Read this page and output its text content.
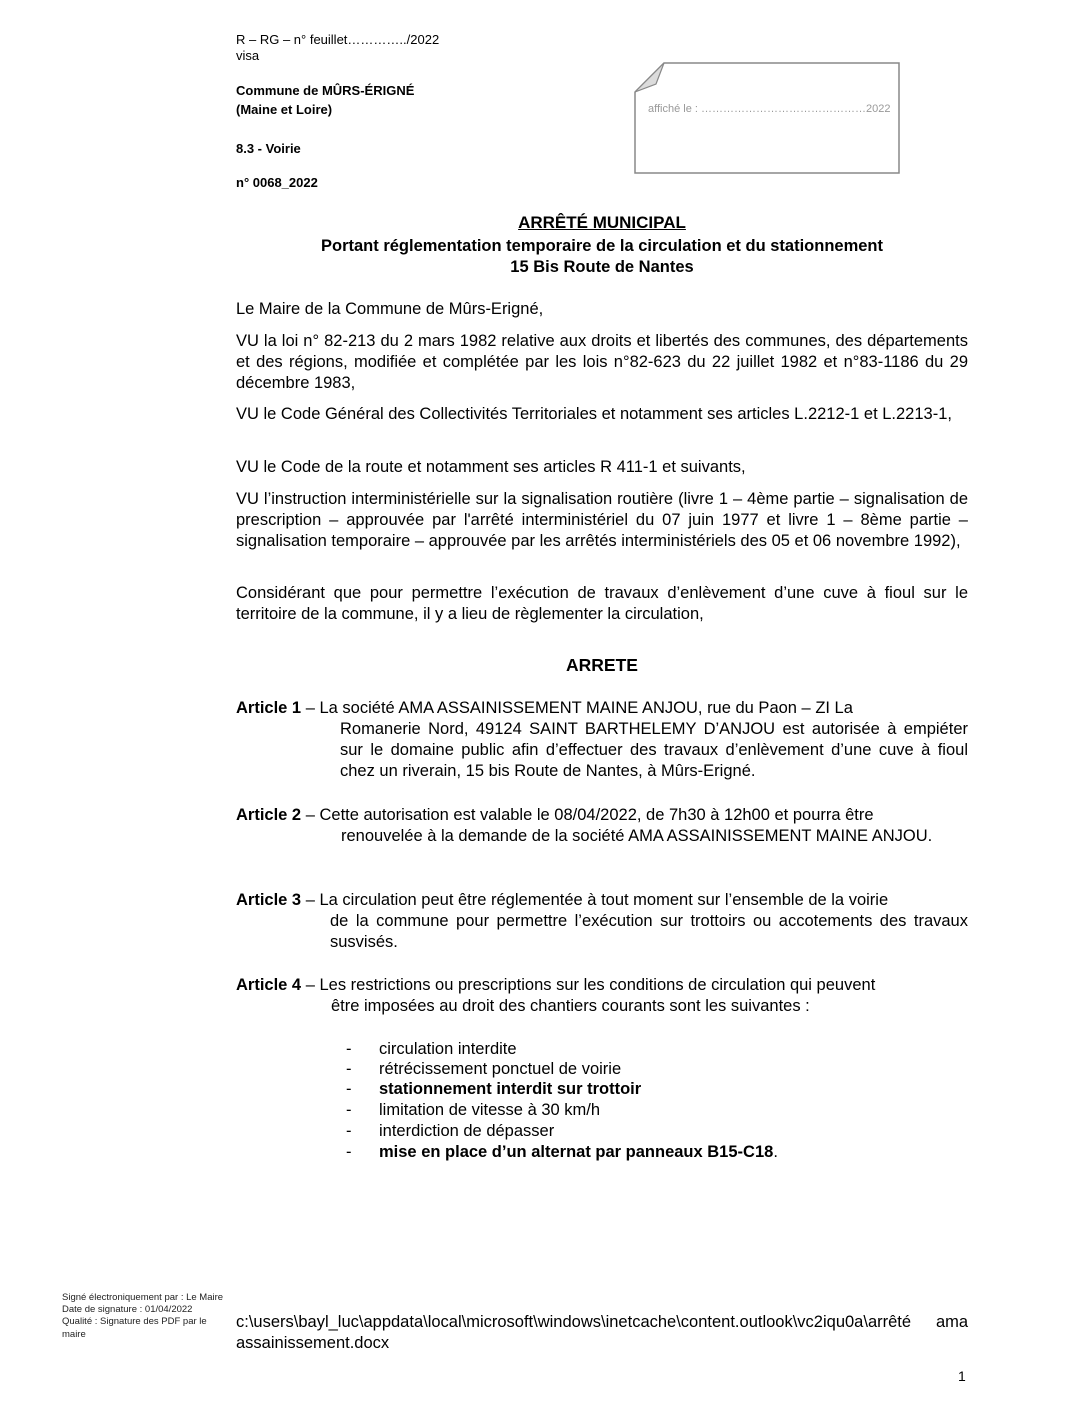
R – RG – n° feuillet…………../2022
visa
Commune de MÛRS-ÉRIGNÉ
(Maine et Loire)
8.3 - Voirie
n° 0068_2022
affiché le : ………………………………………2022
ARRÊTÉ MUNICIPAL
Portant réglementation temporaire de la circulation et du stationnement
15 Bis Route de Nantes
Le Maire de la Commune de Mûrs-Erigné,
VU la loi n° 82-213 du 2 mars 1982 relative aux droits et libertés des communes, des départements et des régions, modifiée et complétée par les lois n°82-623 du 22 juillet 1982 et n°83-1186 du 29 décembre 1983,
VU le Code Général des Collectivités Territoriales et notamment ses articles L.2212-1 et L.2213-1,
VU le Code de la route et notamment ses articles R 411-1 et suivants,
VU l’instruction interministérielle sur la signalisation routière (livre 1 – 4ème partie – signalisation de prescription – approuvée par l'arrêté interministériel du 07 juin 1977 et livre 1 – 8ème partie – signalisation temporaire – approuvée par les arrêtés interministériels des 05 et 06 novembre 1992),
Considérant que pour permettre l’exécution de travaux d’enlèvement d’une cuve à fioul sur le territoire de la commune, il y a lieu de règlementer la circulation,
ARRETE
Article 1 – La société AMA ASSAINISSEMENT MAINE ANJOU, rue du Paon – ZI La
Romanerie Nord, 49124 SAINT BARTHELEMY D’ANJOU est autorisée à empiéter sur le domaine public afin d’effectuer des travaux d’enlèvement d’une cuve à fioul chez un riverain, 15 bis Route de Nantes, à Mûrs-Erigné.
Article 2 – Cette autorisation est valable le 08/04/2022, de 7h30 à 12h00 et pourra être
renouvelée à la demande de la société AMA ASSAINISSEMENT MAINE ANJOU.
Article 3 – La circulation peut être réglementée à tout moment sur l’ensemble de la voirie
de la commune pour permettre l’exécution sur trottoirs ou accotements des travaux susvisés.
Article 4 – Les restrictions ou prescriptions sur les conditions de circulation qui peuvent
être imposées au droit des chantiers courants sont les suivantes :
- circulation interdite
- rétrécissement ponctuel de voirie
- stationnement interdit sur trottoir
- limitation de vitesse à 30 km/h
- interdiction de dépasser
- mise en place d’un alternat par panneaux B15-C18.
Signé électroniquement par : Le Maire
Date de signature : 01/04/2022
Qualité : Signature des PDF par le maire
c:\users\bayl_luc\appdata\local\microsoft\windows\inetcache\content.outlook\vc2iqu0a\arrêté ama
assainissement.docx
1
